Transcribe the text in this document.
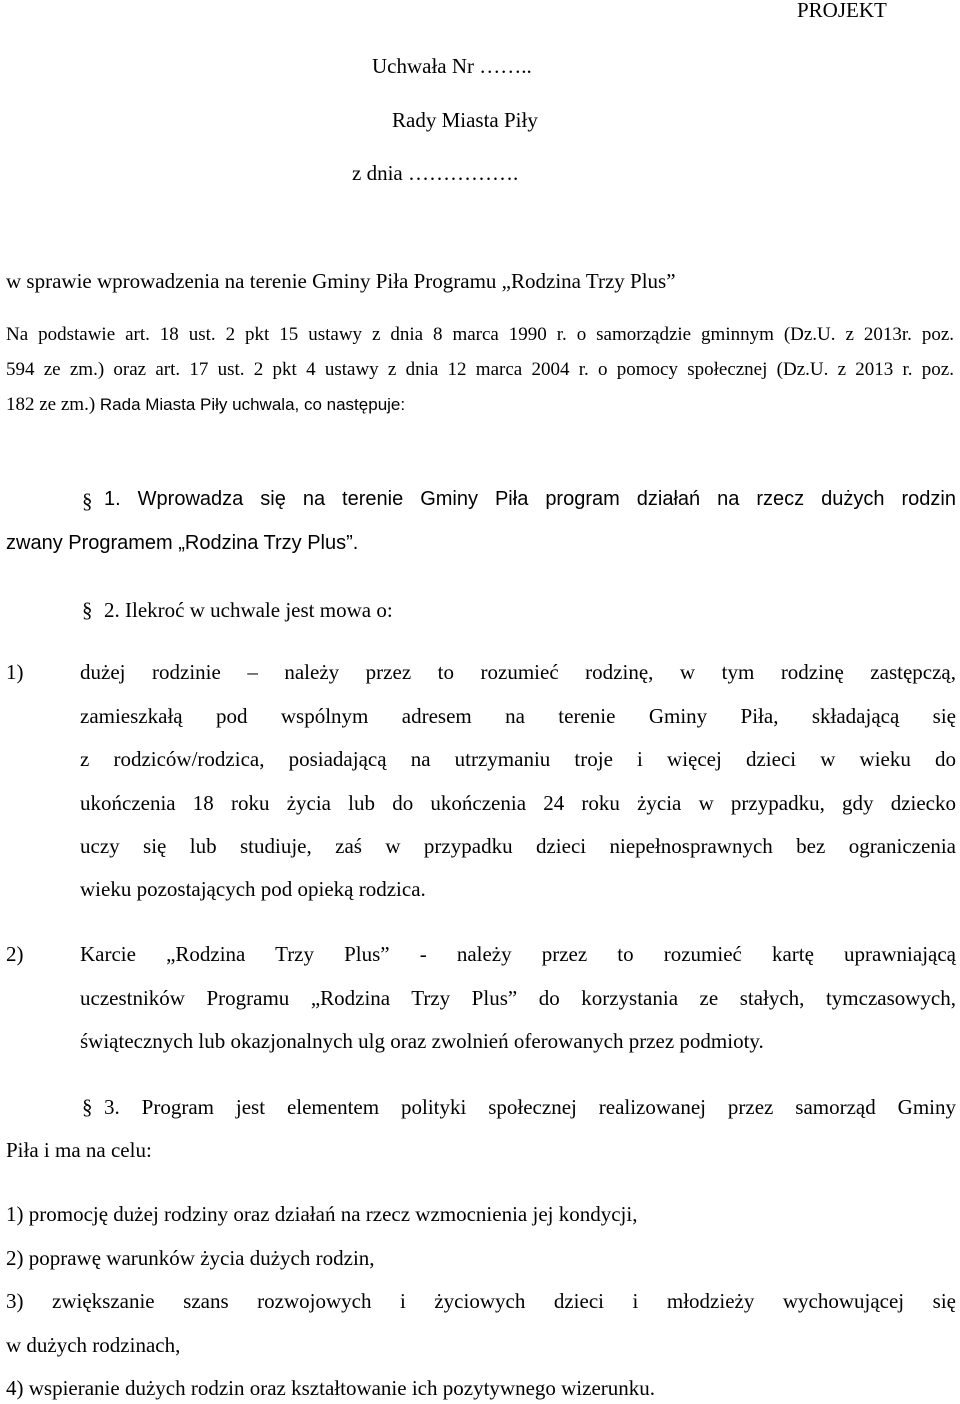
PROJEKT
Uchwała Nr ……..
Rady Miasta Piły
z dnia …………….
w sprawie wprowadzenia na terenie Gminy Piła Programu „Rodzina Trzy Plus”
Na podstawie art. 18 ust. 2 pkt 15 ustawy z dnia 8 marca 1990 r. o samorządzie gminnym (Dz.U. z 2013r. poz.
594 ze zm.) oraz art. 17 ust. 2 pkt 4 ustawy z dnia 12 marca 2004 r. o pomocy społecznej (Dz.U. z 2013 r. poz.
182 ze zm.) Rada Miasta Piły uchwala, co następuje:
§ 1. Wprowadza się na terenie Gminy Piła program działań na rzecz dużych rodzin
zwany Programem „Rodzina Trzy Plus”.
§ 2. Ilekroć w uchwale jest mowa o:
1)	dużej rodzinie – należy przez to rozumieć rodzinę, w tym rodzinę zastępczą,
zamieszkałą pod wspólnym adresem na terenie Gminy Piła, składającą się
z rodziców/rodzica, posiadającą na utrzymaniu troje i więcej dzieci w wieku do
ukończenia 18 roku życia lub do ukończenia 24 roku życia w przypadku, gdy dziecko
uczy się lub studiuje, zaś w przypadku dzieci niepełnosprawnych bez ograniczenia
wieku pozostających pod opieką rodzica.
2)	Karcie „Rodzina Trzy Plus” - należy przez to rozumieć kartę uprawniającą
uczestników Programu „Rodzina Trzy Plus” do korzystania ze stałych, tymczasowych,
świątecznych lub okazjonalnych ulg oraz zwolnień oferowanych przez podmioty.
§ 3. Program jest elementem polityki społecznej realizowanej przez samorząd Gminy
Piła i ma na celu:
1) promocję dużej rodziny oraz działań na rzecz wzmocnienia jej kondycji,
2) poprawę warunków życia dużych rodzin,
3) zwiększanie szans rozwojowych i życiowych dzieci i młodzieży wychowującej się
w dużych rodzinach,
4) wspieranie dużych rodzin oraz kształtowanie ich pozytywnego wizerunku.
